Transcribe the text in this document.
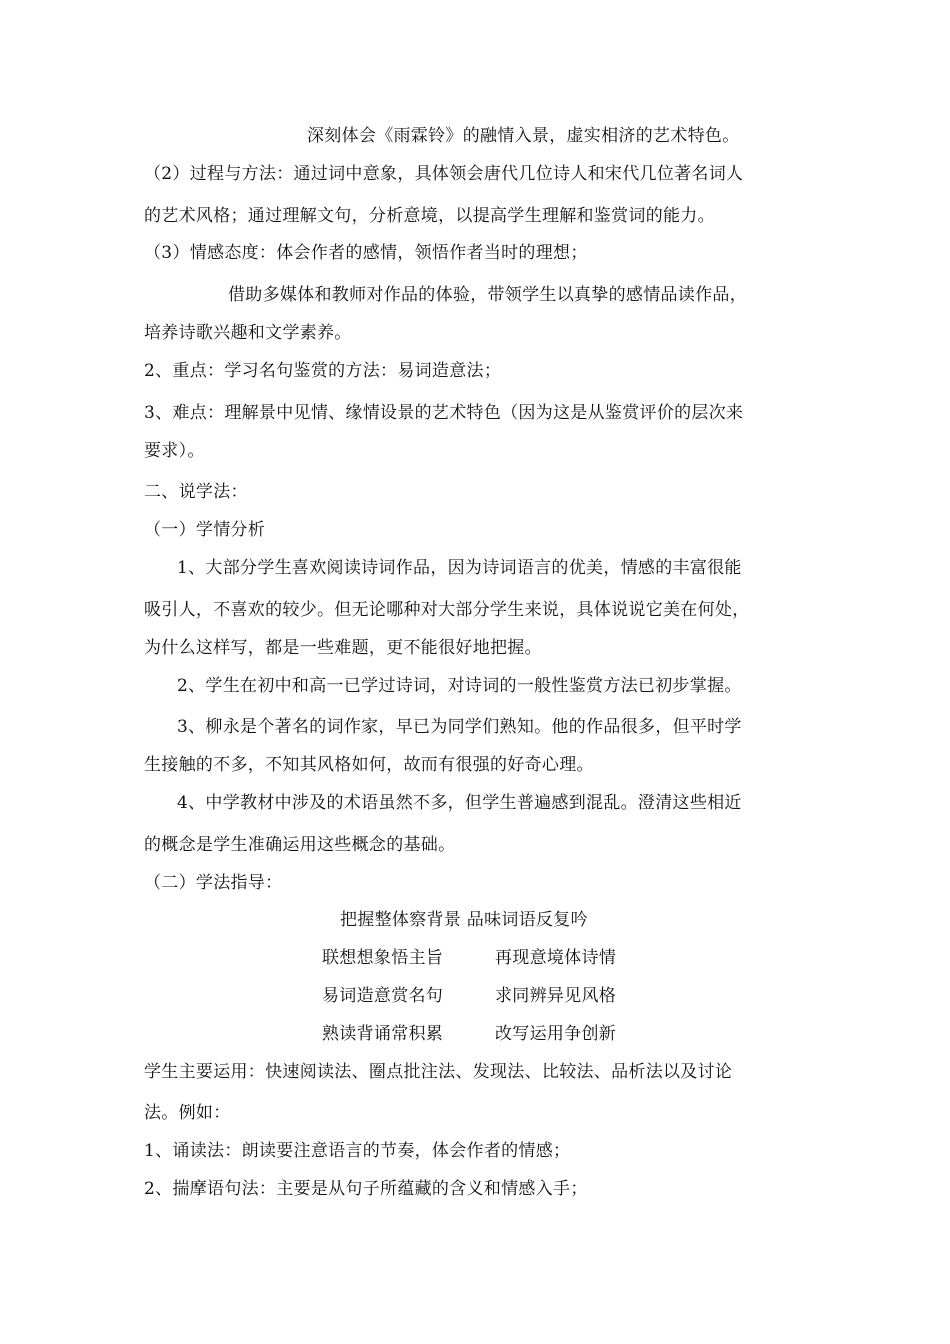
深刻体会《雨霖铃》的融情入景，虚实相济的艺术特色。
（2）过程与方法：通过词中意象，具体领会唐代几位诗人和宋代几位著名词人
的艺术风格；通过理解文句，分析意境，以提高学生理解和鉴赏词的能力。
（3）情感态度：体会作者的感情，领悟作者当时的理想；
借助多媒体和教师对作品的体验，带领学生以真挚的感情品读作品，
培养诗歌兴趣和文学素养。
2、重点：学习名句鉴赏的方法：易词造意法；
3、难点：理解景中见情、缘情设景的艺术特色（因为这是从鉴赏评价的层次来
要求）。
二、说学法：
（一）学情分析
1、大部分学生喜欢阅读诗词作品，因为诗词语言的优美，情感的丰富很能
吸引人，不喜欢的较少。但无论哪种对大部分学生来说，具体说说它美在何处，
为什么这样写，都是一些难题，更不能很好地把握。
2、学生在初中和高一已学过诗词，对诗词的一般性鉴赏方法已初步掌握。
3、柳永是个著名的词作家，早已为同学们熟知。他的作品很多，但平时学
生接触的不多，不知其风格如何，故而有很强的好奇心理。
4、中学教材中涉及的术语虽然不多，但学生普遍感到混乱。澄清这些相近
的概念是学生准确运用这些概念的基础。
（二）学法指导：
把握整体察背景 品味词语反复吟
联想想象悟主旨	再现意境体诗情
易词造意赏名句	求同辨异见风格
熟读背诵常积累	改写运用争创新
学生主要运用：快速阅读法、圈点批注法、发现法、比较法、品析法以及讨论
法。例如：
1、诵读法：朗读要注意语言的节奏，体会作者的情感；
2、揣摩语句法：主要是从句子所蕴藏的含义和情感入手；
